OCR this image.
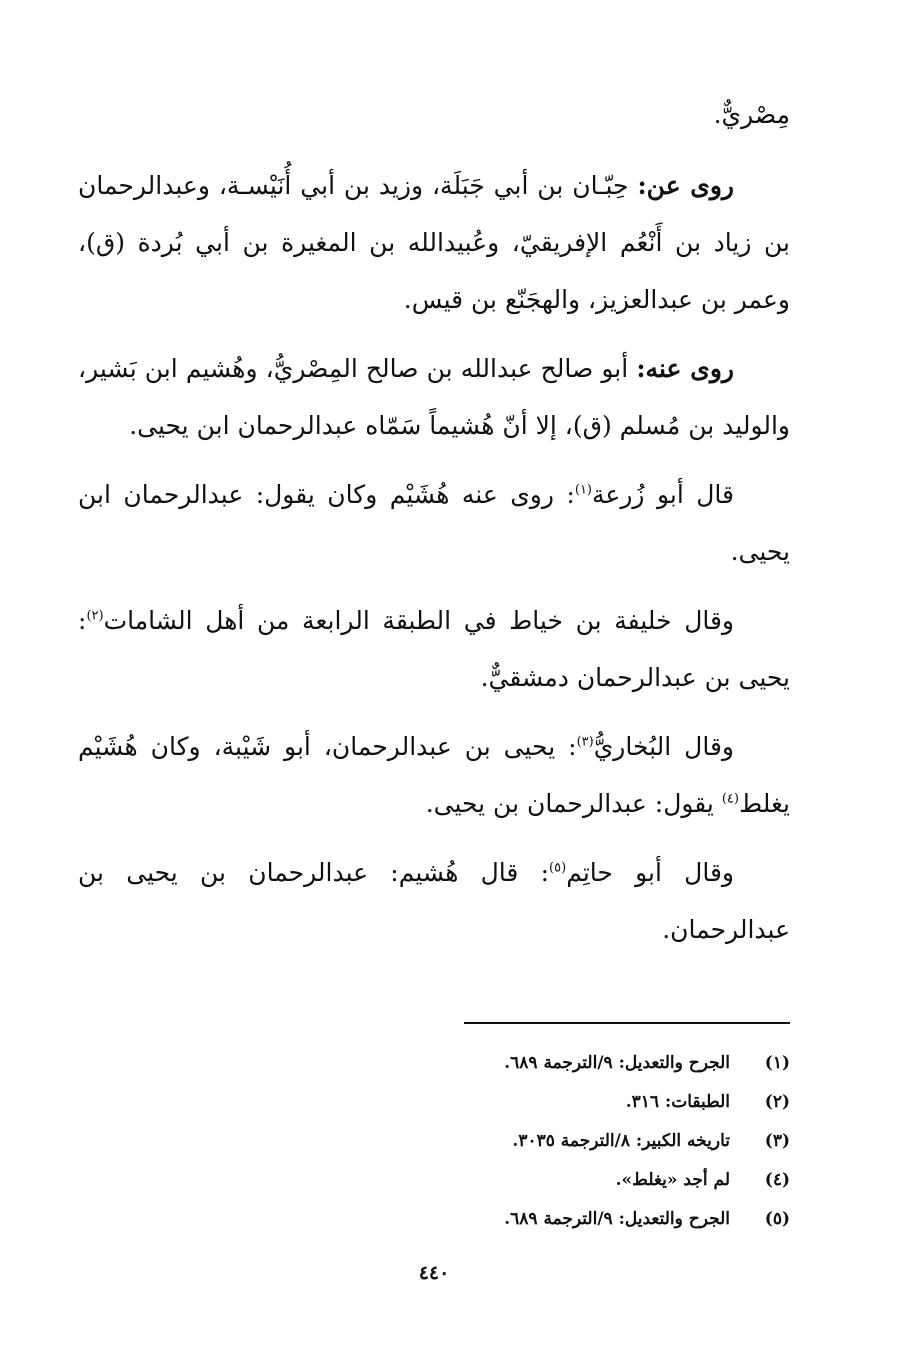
مِصْريٌّ.

روى عن: حِبّـان بن أبي جَبَلَة، وزيد بن أبي أُنَيْسـة، وعبدالرحمان بن زياد بن أَنْعُم الإفريقيّ، وعُبيدالله بن المغيرة بن أبي بُردة (ق)، وعمر بن عبدالعزيز، والهجَنّع بن قيس.

روى عنه: أبو صالح عبدالله بن صالح المِصْريُّ، وهُشيم ابن بَشير، والوليد بن مُسلم (ق)، إلا أنّ هُشيماً سَمّاه عبدالرحمان ابن يحيى.

قال أبو زُرعة$^{(١)}$: روى عنه هُشَيْم وكان يقول: عبدالرحمان ابن يحيى.

وقال خليفة بن خياط في الطبقة الرابعة من أهل الشامات$^{(٢)}$: يحيى بن عبدالرحمان دمشقيٌّ.

وقال البُخاريُّ$^{(٣)}$: يحيى بن عبدالرحمان، أبو شَيْبة، وكان هُشَيْم يغلط$^{(٤)}$ يقول: عبدالرحمان بن يحيى.

وقال أبو حاتِم$^{(٥)}$: قال هُشيم: عبدالرحمان بن يحيى بن عبدالرحمان.

(١)الجرح والتعديل: ٩/الترجمة ٦٨٩.
(٢)الطبقات: ٣١٦.
(٣)تاريخه الكبير: ٨/الترجمة ٣٠٣٥.
(٤)لم أجد «يغلط».
(٥)الجرح والتعديل: ٩/الترجمة ٦٨٩.
٤٤٠
